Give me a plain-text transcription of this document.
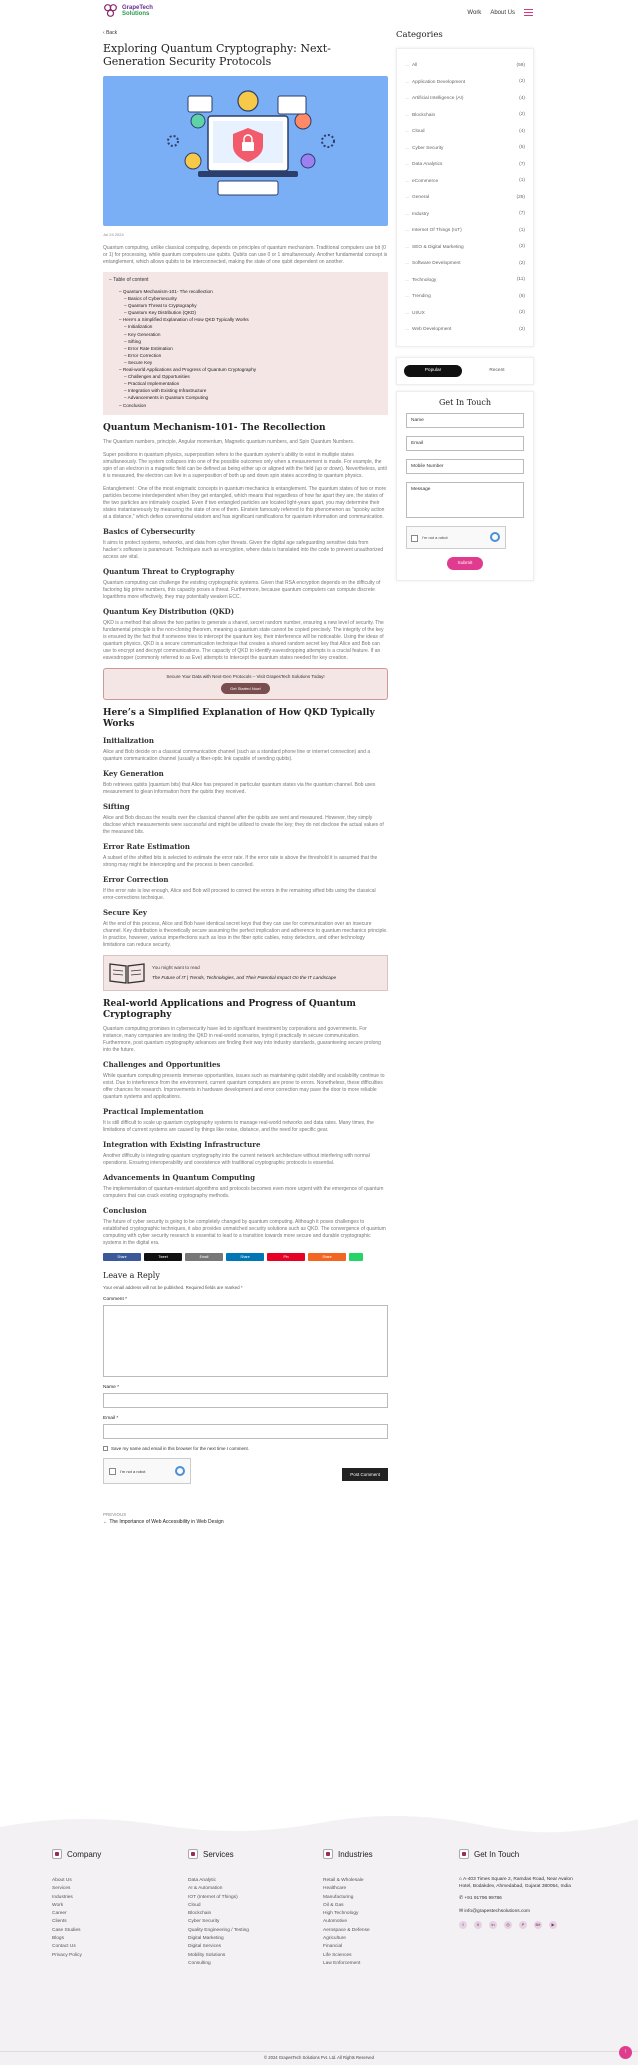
GrapeTech
Solutions	Work About Us
‹ Back
Exploring Quantum Cryptography: Next-Generation Security Protocols
Jul 24 2024

Quantum computing, unlike classical computing, depends on principles of quantum mechanism. Traditional computers use bit (0 or 1) for processing, while quantum computers use qubits. Qubits can use 0 or 1 simultaneously. Another fundamental concept is entanglement, which allows qubits to be interconnected, making the state of one qubit dependent on another.

− Table of content
– Quantum Mechanism-101- The recollection
– Basics of Cybersecurity
– Quantum Threat to Cryptography
– Quantum Key Distribution (QKD)
– Here’s a Simplified Explanation of How QKD Typically Works
– Initialization
– Key Generation
– Sifting
– Error Rate Estimation
– Error Correction
– Secure Key
– Real-world Applications and Progress of Quantum Cryptography
– Challenges and Opportunities
– Practical Implementation
– Integration with Existing Infrastructure
– Advancements in Quantum Computing
– Conclusion
Quantum Mechanism-101- The Recollection

The Quantum numbers, principle, Angular momentum, Magnetic quantum numbers, and Spin Quantum Numbers.

Super positions in quantum physics, superposition refers to the quantum system’s ability to exist in multiple states simultaneously. The system collapses into one of the possible outcomes only when a measurement is made. For example, the spin of an electron in a magnetic field can be defined as being either up or aligned with the field (up or down). Nevertheless, until it is measured, the electron can live in a superposition of both up and down spin states according to quantum physics.

Entanglement : One of the most enigmatic concepts in quantum mechanics is entanglement. The quantum states of two or more particles become interdependent when they get entangled, which means that regardless of how far apart they are, the states of the two particles are intimately coupled. Even if two entangled particles are located light-years apart, you may determine their states instantaneously by measuring the state of one of them. Einstein famously referred to this phenomenon as "spooky action at a distance," which defies conventional wisdom and has significant ramifications for quantum information and communication.

Basics of Cybersecurity

It aims to protect systems, networks, and data from cyber threats. Given the digital age safeguarding sensitive data from hacker’s software is paramount. Techniques such as encryption, where data is translated into the code to prevent unauthorized access are vital.

Quantum Threat to Cryptography

Quantum computing can challenge the existing cryptographic systems. Given that RSA encryption depends on the difficulty of factoring big prime numbers, this capacity poses a threat. Furthermore, because quantum computers can compute discrete logarithms more effectively, they may potentially weaken ECC.

Quantum Key Distribution (QKD)

QKD is a method that allows the two parties to generate a shared, secret random number, ensuring a new level of security. The fundamental principle is the non-cloning theorem, meaning a quantum state cannot be copied precisely. The integrity of the key is ensured by the fact that if someone tries to intercept the quantum key, their interference will be noticeable. Using the ideas of quantum physics, QKD is a secure communication technique that creates a shared random secret key that Alice and Bob can use to encrypt and decrypt communications. The capacity of QKD to identify eavesdropping attempts is a crucial feature. If an eavesdropper (commonly referred to as Eve) attempts to intercept the quantum states needed for key creation.

Secure Your Data with Next-Gen Protocols – Visit GrapesTech Solutions Today!
Get Started Now!
Here’s a Simplified Explanation of How QKD Typically Works
Initialization

Alice and Bob decide on a classical communication channel (such as a standard phone line or internet connection) and a quantum communication channel (usually a fiber-optic link capable of sending qubits).

Key Generation

Bob retrieves qubits (quantum bits) that Alice has prepared in particular quantum states via the quantum channel. Bob uses measurement to glean information from the qubits they received.

Sifting

Alice and Bob discuss the results over the classical channel after the qubits are sent and measured. However, they simply disclose which measurements were successful and might be utilized to create the key; they do not disclose the actual values of the measured bits.

Error Rate Estimation

A subset of the shifted bits is selected to estimate the error rate. If the error rate is above the threshold it is assumed that the strong may might be intercepting and the process is been cancelled.

Error Correction

If the error rate is low enough, Alice and Bob will proceed to correct the errors in the remaining sifted bits using the classical error-corrections technique.

Secure Key

At the end of this process, Alice and Bob have identical secret keys that they can use for communication over an insecure channel. Key distribution is theoretically secure assuming the perfect implication and adherence to quantum mechanics principle. In practice, however, various imperfections such as loss in the fiber optic cables, noisy detectors, and other technology limitations can reduce security.

You might want to read
The Future of IT | Trends, Technologies, and Their Potential Impact On the IT Landscape
Real-world Applications and Progress of Quantum Cryptography

Quantum computing promises in cybersecurity have led to significant investment by corporations and governments. For instance, many companies are testing the QKD in real-world scenarios, trying it practically in secure communication. Furthermore, post quantum cryptography advances are finding their way into industry standards, guaranteeing secure prolong into the future.

Challenges and Opportunities

While quantum computing presents immense opportunities, issues such as maintaining qubit stability and scalability continue to exist. Due to interference from the environment, current quantum computers are prone to errors. Nonetheless, these difficulties offer chances for research. Improvements in hardware development and error correction may pave the door to more reliable quantum systems and applications.

Practical Implementation

It is still difficult to scale up quantum cryptography systems to manage real-world networks and data rates. Many times, the limitations of current systems are caused by things like noise, distance, and the need for specific gear.

Integration with Existing Infrastructure

Another difficulty is integrating quantum cryptography into the current network architecture without interfering with normal operations. Ensuring interoperability and coexistence with traditional cryptographic protocols is essential.

Advancements in Quantum Computing

The implementation of quantum-resistant algorithms and protocols becomes even more urgent with the emergence of quantum computers that can crack existing cryptography methods.

Conclusion

The future of cyber security is going to be completely changed by quantum computing. Although it poses challenges to established cryptographic techniques, it also provides unmatched security solutions such as QKD. The convergence of quantum computing with cyber security research is essential to lead to a transition towards more secure and durable cryptographic systems in the digital era.

Share	Tweet	Email	Share	Pin	Share
Leave a Reply
Your email address will not be published. Required fields are marked *
Comment *
Name *
Email *
Save my name and email in this browser for the next time I comment.
I'm not a robot
Post Comment
PREVIOUS
← The Importance of Web Accessibility in Web Design
Categories
— All	(59)
— Application Development	(2)
— Artificial Intelligence (AI)	(4)
— Blockchain	(2)
— Cloud	(4)
— Cyber Security	(5)
— Data Analytics	(7)
— eCommerce	(1)
— General	(25)
— Industry	(7)
— Internet Of Things (IoT)	(1)
— SEO & Digital Marketing	(2)
— Software Development	(2)
— Technology	(11)
— Trending	(8)
— UI/UX	(2)
— Web Development	(2)
Popular	Recent
Get In Touch
Name
Email
Mobile Number
Message
I'm not a robot
Submit
Company
About Us
Services
Industries
Work
Career
Clients
Case Studies
Blogs
Contact Us
Privacy Policy
Services
Data Analytic
AI & Automation
IOT (Internet of Things)
Cloud
Blockchain
Cyber Security
Quality Engineering / Testing
Digital Marketing
Digital Services
Mobility Solutions
Consulting
Industries
Retail & Wholesale
Healthcare
Manufacturing
Oil & Gas
High Technology
Automotive
Aerospace & Defense
Agriculture
Financial
Life Sciences
Law Enforcement
Get In Touch
⌂ A-403 Times Square 2, Ramdas Road, Near Avalon Hotel, Bodakdev, Ahmedabad, Gujarat 380054, India
✆ +91 91796 99786
✉ info@grapestechsolutions.com
f	X	in	◎	P	Bē	▶
© 2024 GrapesTech Solutions Pvt. Ltd. All Rights Reserved
↑
